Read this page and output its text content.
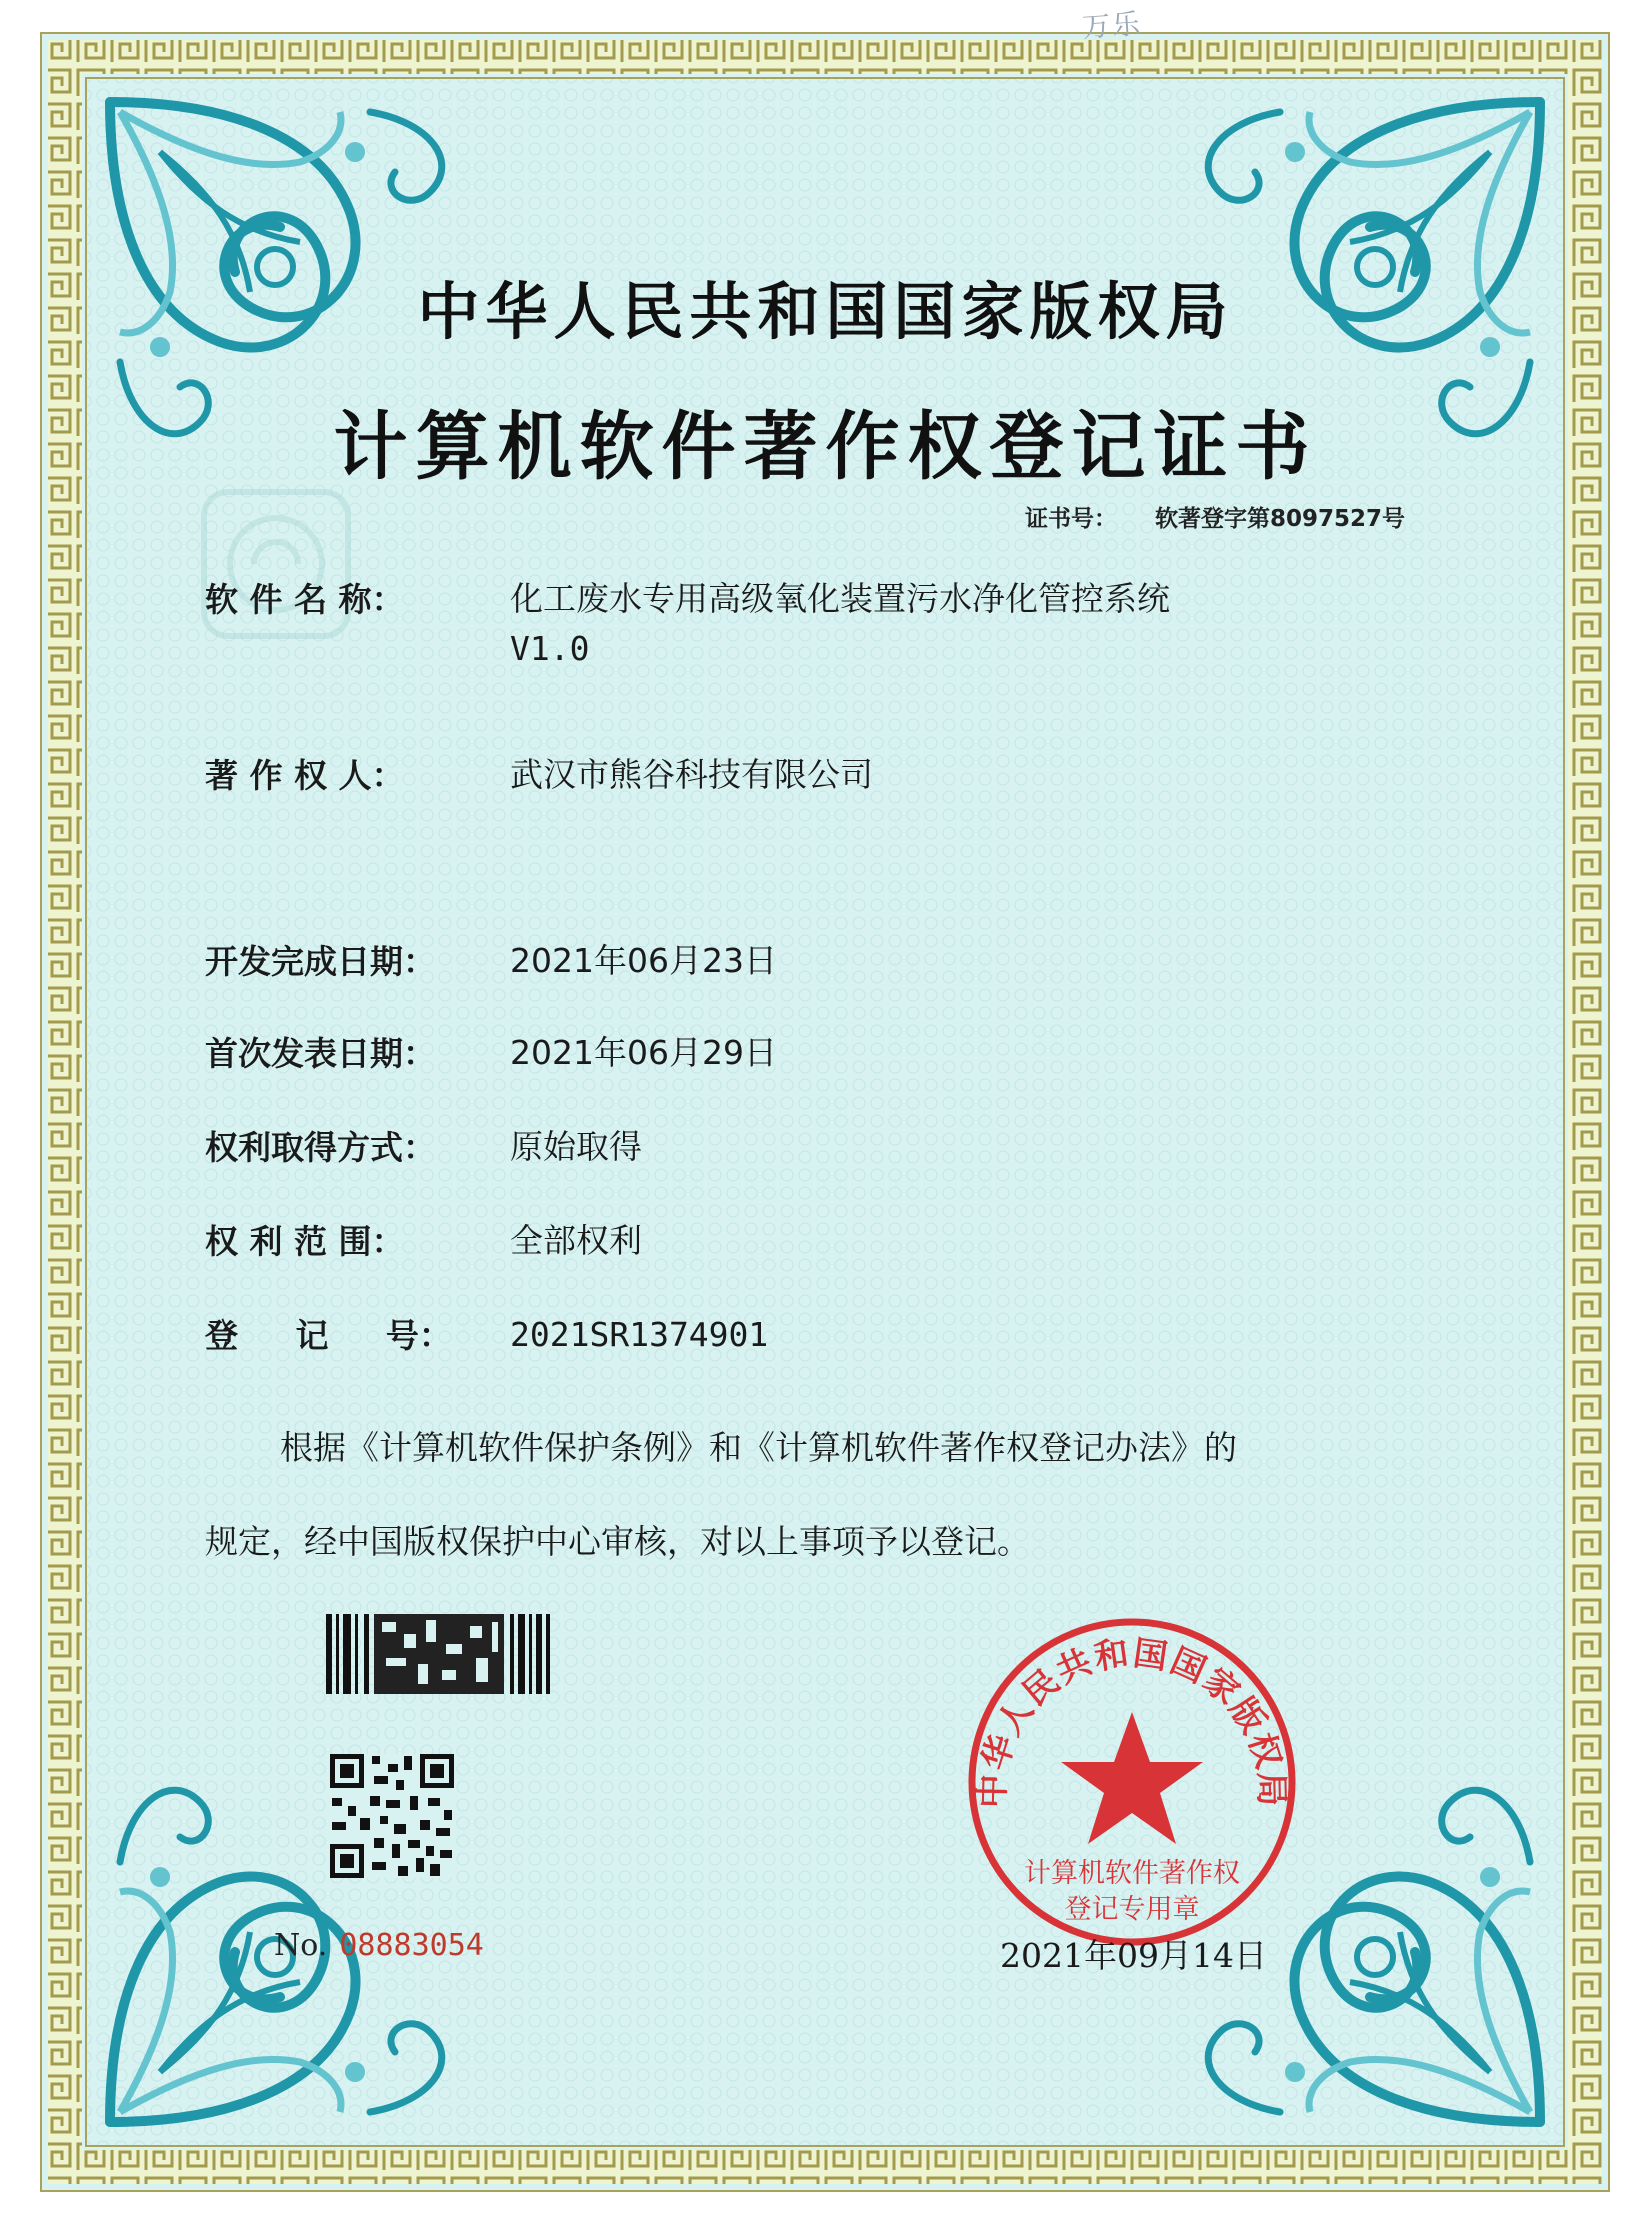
万乐
中华人民共和国国家版权局
计算机软件著作权登记证书
证书号： 软著登字第8097527号
软 件 名 称：	化工废水专用高级氧化装置污水净化管控系统
V1.0
著 作 权 人：	武汉市熊谷科技有限公司
开发完成日期：	2021年06月23日
首次发表日期：	2021年06月29日
权利取得方式：	原始取得
权 利 范 围：	全部权利
登     记     号：	2021SR1374901
根据《计算机软件保护条例》和《计算机软件著作权登记办法》的
规定，经中国版权保护中心审核，对以上事项予以登记。
No. 08883054
中华人民共和国国家版权局
计算机软件著作权
登记专用章
2021年09月14日
